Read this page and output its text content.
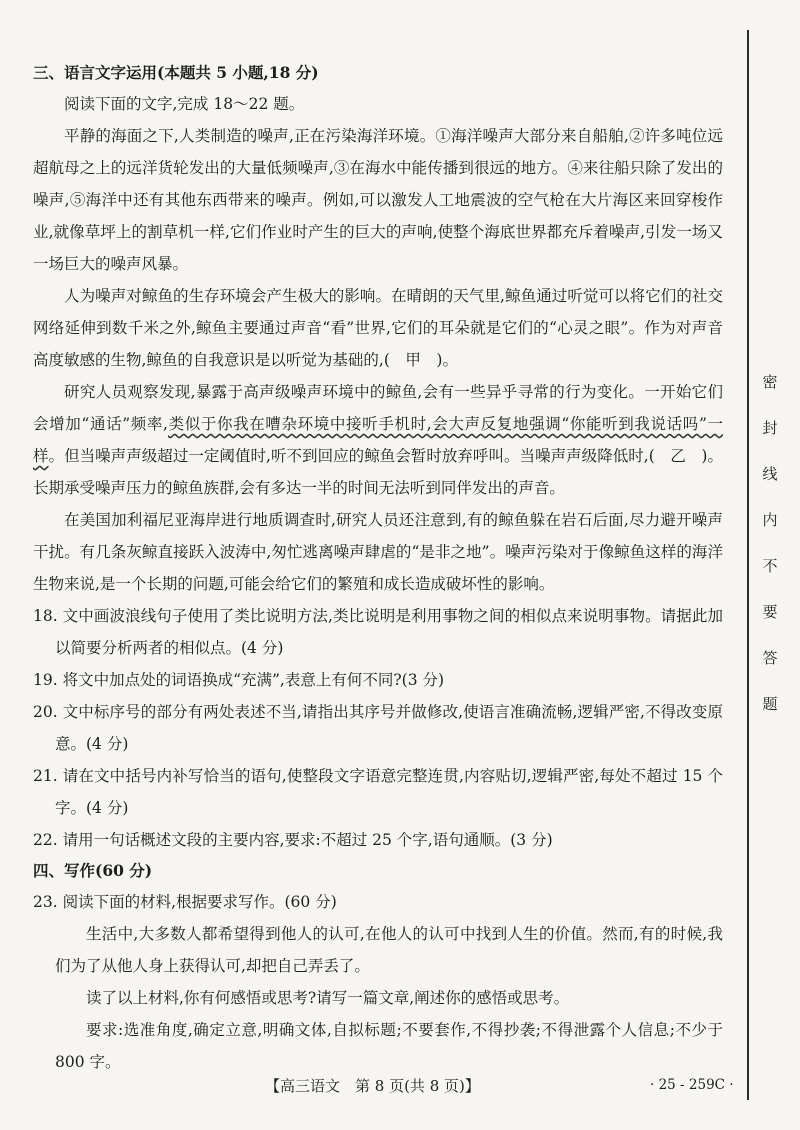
三、语言文字运用(本题共 5 小题,18 分)

阅读下面的文字,完成 18～22 题。

平静的海面之下,人类制造的噪声,正在污染海洋环境。①海洋噪声大部分来自船舶,②许多吨位远超航母之上的远洋货轮发出的大量低频噪声,③在海水中能传播到很远的地方。④来往船只除了发出的噪声,⑤海洋中还有其他东西带来的噪声。例如,可以激发人工地震波的空气枪在大片海区来回穿梭作业,就像草坪上的割草机一样,它们作业时产生的巨大的声响,使整个海底世界都充斥着噪声,引发一场又一场巨大的噪声风暴。

人为噪声对鲸鱼的生存环境会产生极大的影响。在晴朗的天气里,鲸鱼通过听觉可以将它们的社交网络延伸到数千米之外,鲸鱼主要通过声音“看”世界,它们的耳朵就是它们的“心灵之眼”。作为对声音高度敏感的生物,鲸鱼的自我意识是以听觉为基础的,(　甲　)。

研究人员观察发现,暴露于高声级噪声环境中的鲸鱼,会有一些异乎寻常的行为变化。一开始它们会增加“通话”频率,类似于你我在嘈杂环境中接听手机时,会大声反复地强调“你能听到我说话吗”一样。但当噪声声级超过一定阈值时,听不到回应的鲸鱼会暂时放弃呼叫。当噪声声级降低时,(　乙　)。长期承受噪声压力的鲸鱼族群,会有多达一半的时间无法听到同伴发出的声音。

在美国加利福尼亚海岸进行地质调查时,研究人员还注意到,有的鲸鱼躲在岩石后面,尽力避开噪声干扰。有几条灰鲸直接跃入波涛中,匆忙逃离噪声肆虐的“是非之地”。噪声污染对于像鲸鱼这样的海洋生物来说,是一个长期的问题,可能会给它们的繁殖和成长造成破坏性的影响。

18. 文中画波浪线句子使用了类比说明方法,类比说明是利用事物之间的相似点来说明事物。请据此加以简要分析两者的相似点。(4 分)

19. 将文中加点处的词语换成“充满”,表意上有何不同?(3 分)

20. 文中标序号的部分有两处表述不当,请指出其序号并做修改,使语言准确流畅,逻辑严密,不得改变原意。(4 分)

21. 请在文中括号内补写恰当的语句,使整段文字语意完整连贯,内容贴切,逻辑严密,每处不超过 15 个字。(4 分)

22. 请用一句话概述文段的主要内容,要求:不超过 25 个字,语句通顺。(3 分)

四、写作(60 分)

23. 阅读下面的材料,根据要求写作。(60 分)

生活中,大多数人都希望得到他人的认可,在他人的认可中找到人生的价值。然而,有的时候,我们为了从他人身上获得认可,却把自己弄丢了。

读了以上材料,你有何感悟或思考?请写一篇文章,阐述你的感悟或思考。

要求:选准角度,确定立意,明确文体,自拟标题;不要套作,不得抄袭;不得泄露个人信息;不少于 800 字。

密
封
线
内
不
要
答
题
【高三语文　第 8 页(共 8 页)】	· 25 - 259C ·
